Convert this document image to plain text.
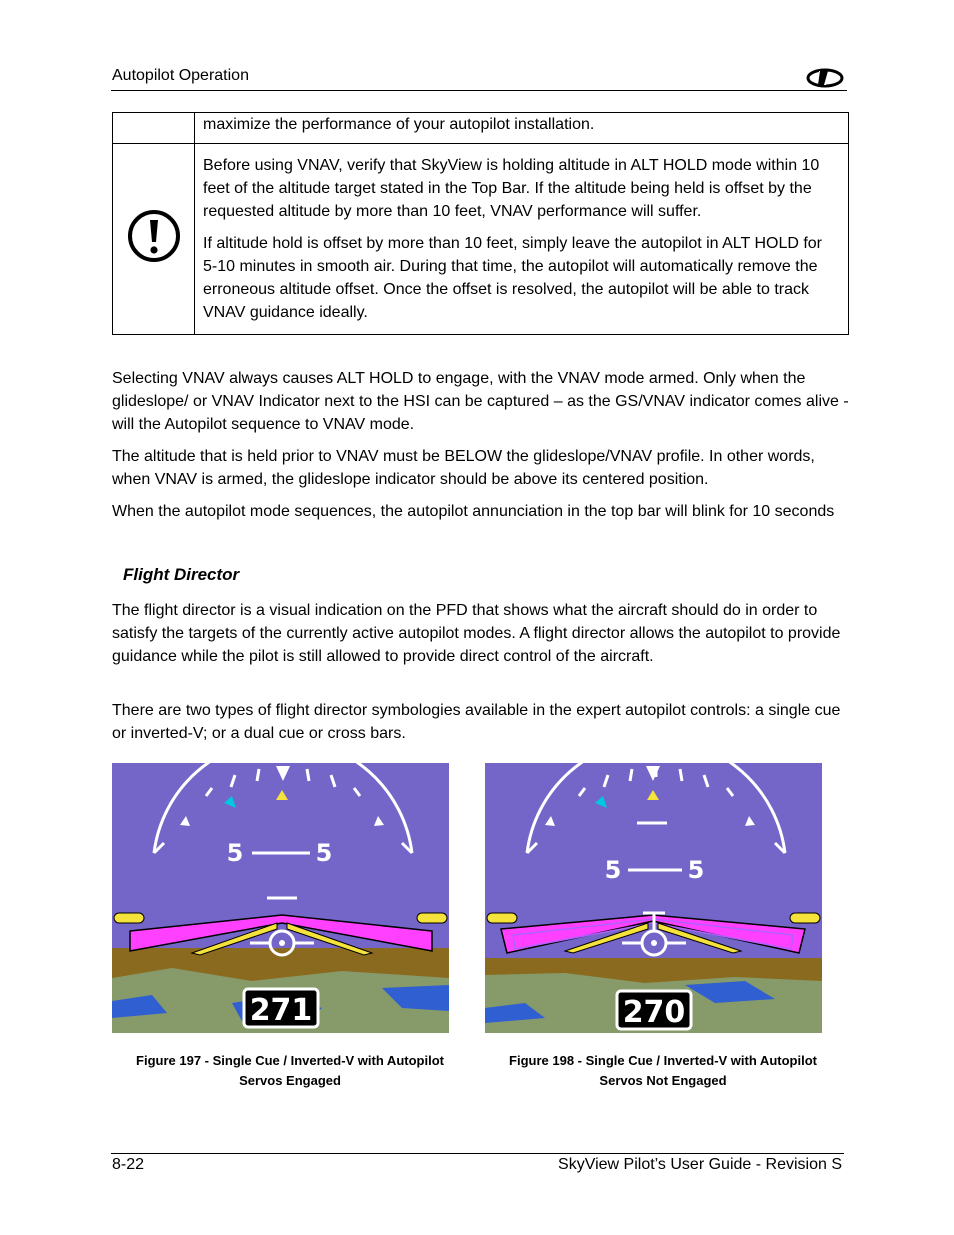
Autopilot Operation

	maximize the performance of your autopilot installation.

Before using VNAV, verify that SkyView is holding altitude in ALT HOLD mode within 10 feet of the altitude target stated in the Top Bar. If the altitude being held is offset by the requested altitude by more than 10 feet, VNAV performance will suffer.

If altitude hold is offset by more than 10 feet, simply leave the autopilot in ALT HOLD for 5-10 minutes in smooth air. During that time, the autopilot will automatically remove the erroneous altitude offset. Once the offset is resolved, the autopilot will be able to track VNAV guidance ideally.

Selecting VNAV always causes ALT HOLD to engage, with the VNAV mode armed. Only when the glideslope/ or VNAV Indicator next to the HSI can be captured – as the GS/VNAV indicator comes alive - will the Autopilot sequence to VNAV mode.

The altitude that is held prior to VNAV must be BELOW the glideslope/VNAV profile. In other words, when VNAV is armed, the glideslope indicator should be above its centered position.

When the autopilot mode sequences, the autopilot annunciation in the top bar will blink for 10 seconds

Flight Director

The flight director is a visual indication on the PFD that shows what the aircraft should do in order to satisfy the targets of the currently active autopilot modes. A flight director allows the autopilot to provide guidance while the pilot is still allowed to provide direct control of the aircraft.

There are two types of flight director symbologies available in the expert autopilot controls: a single cue or inverted-V; or a dual cue or cross bars.

5	5
271
5	5
270
Figure 197 - Single Cue / Inverted-V with Autopilot
Servos Engaged
Figure 198 - Single Cue / Inverted-V with Autopilot
Servos Not Engaged
8-22	SkyView Pilot’s User Guide - Revision S
